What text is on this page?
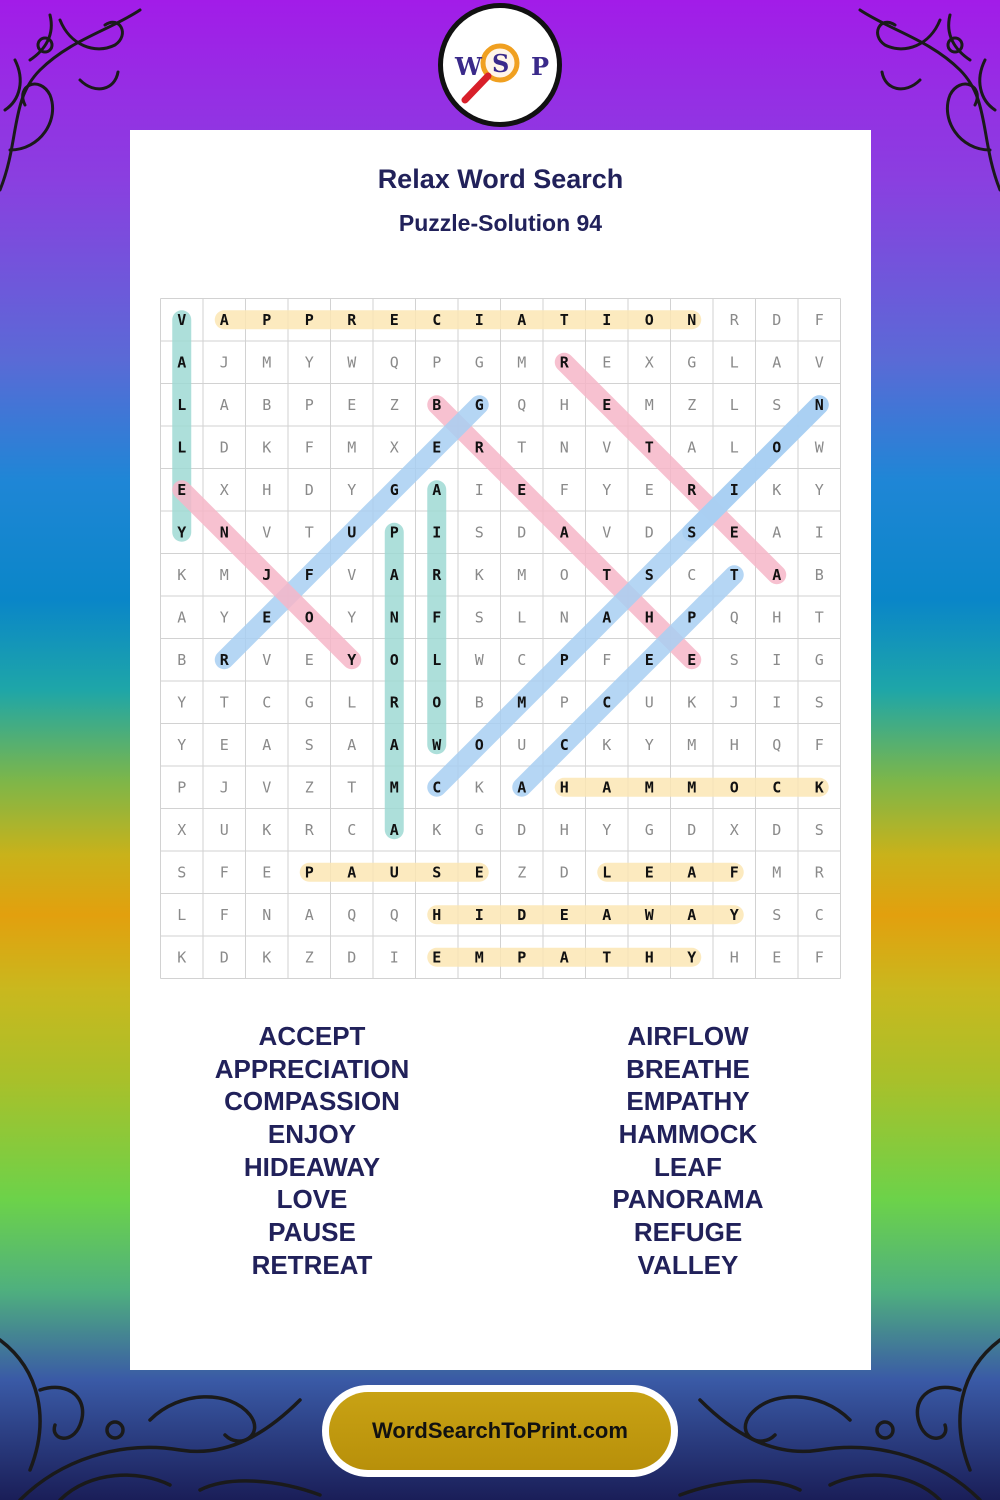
W S P
Relax Word Search
Puzzle-Solution 94
V A P P R E C I A T I O N R D F
A J M Y W Q P G M R E X G L A V
L A B P E Z B G Q H E M Z L S N
L D K F M X E R T N V T A L O W
E X H D Y G A I E F Y E R I K Y
Y N V T U P I S D A V D S E A I
K M J F V A R K M O T S C T A B
A Y E O Y N F S L N A H P Q H T
B R V E Y O L W C P F E E S I G
Y T C G L R O B M P C U K J I S
Y E A S A A W O U C K Y M H Q F
P J V Z T M C K A H A M M O C K
X U K R C A K G D H Y G D X D S
S F E P A U S E Z D L E A F M R
L F N A Q Q H I D E A W A Y S C
K D K Z D I E M P A T H Y H E F
ACCEPT
APPRECIATION
COMPASSION
ENJOY
HIDEAWAY
LOVE
PAUSE
RETREAT
AIRFLOW
BREATHE
EMPATHY
HAMMOCK
LEAF
PANORAMA
REFUGE
VALLEY
WordSearchToPrint.com
